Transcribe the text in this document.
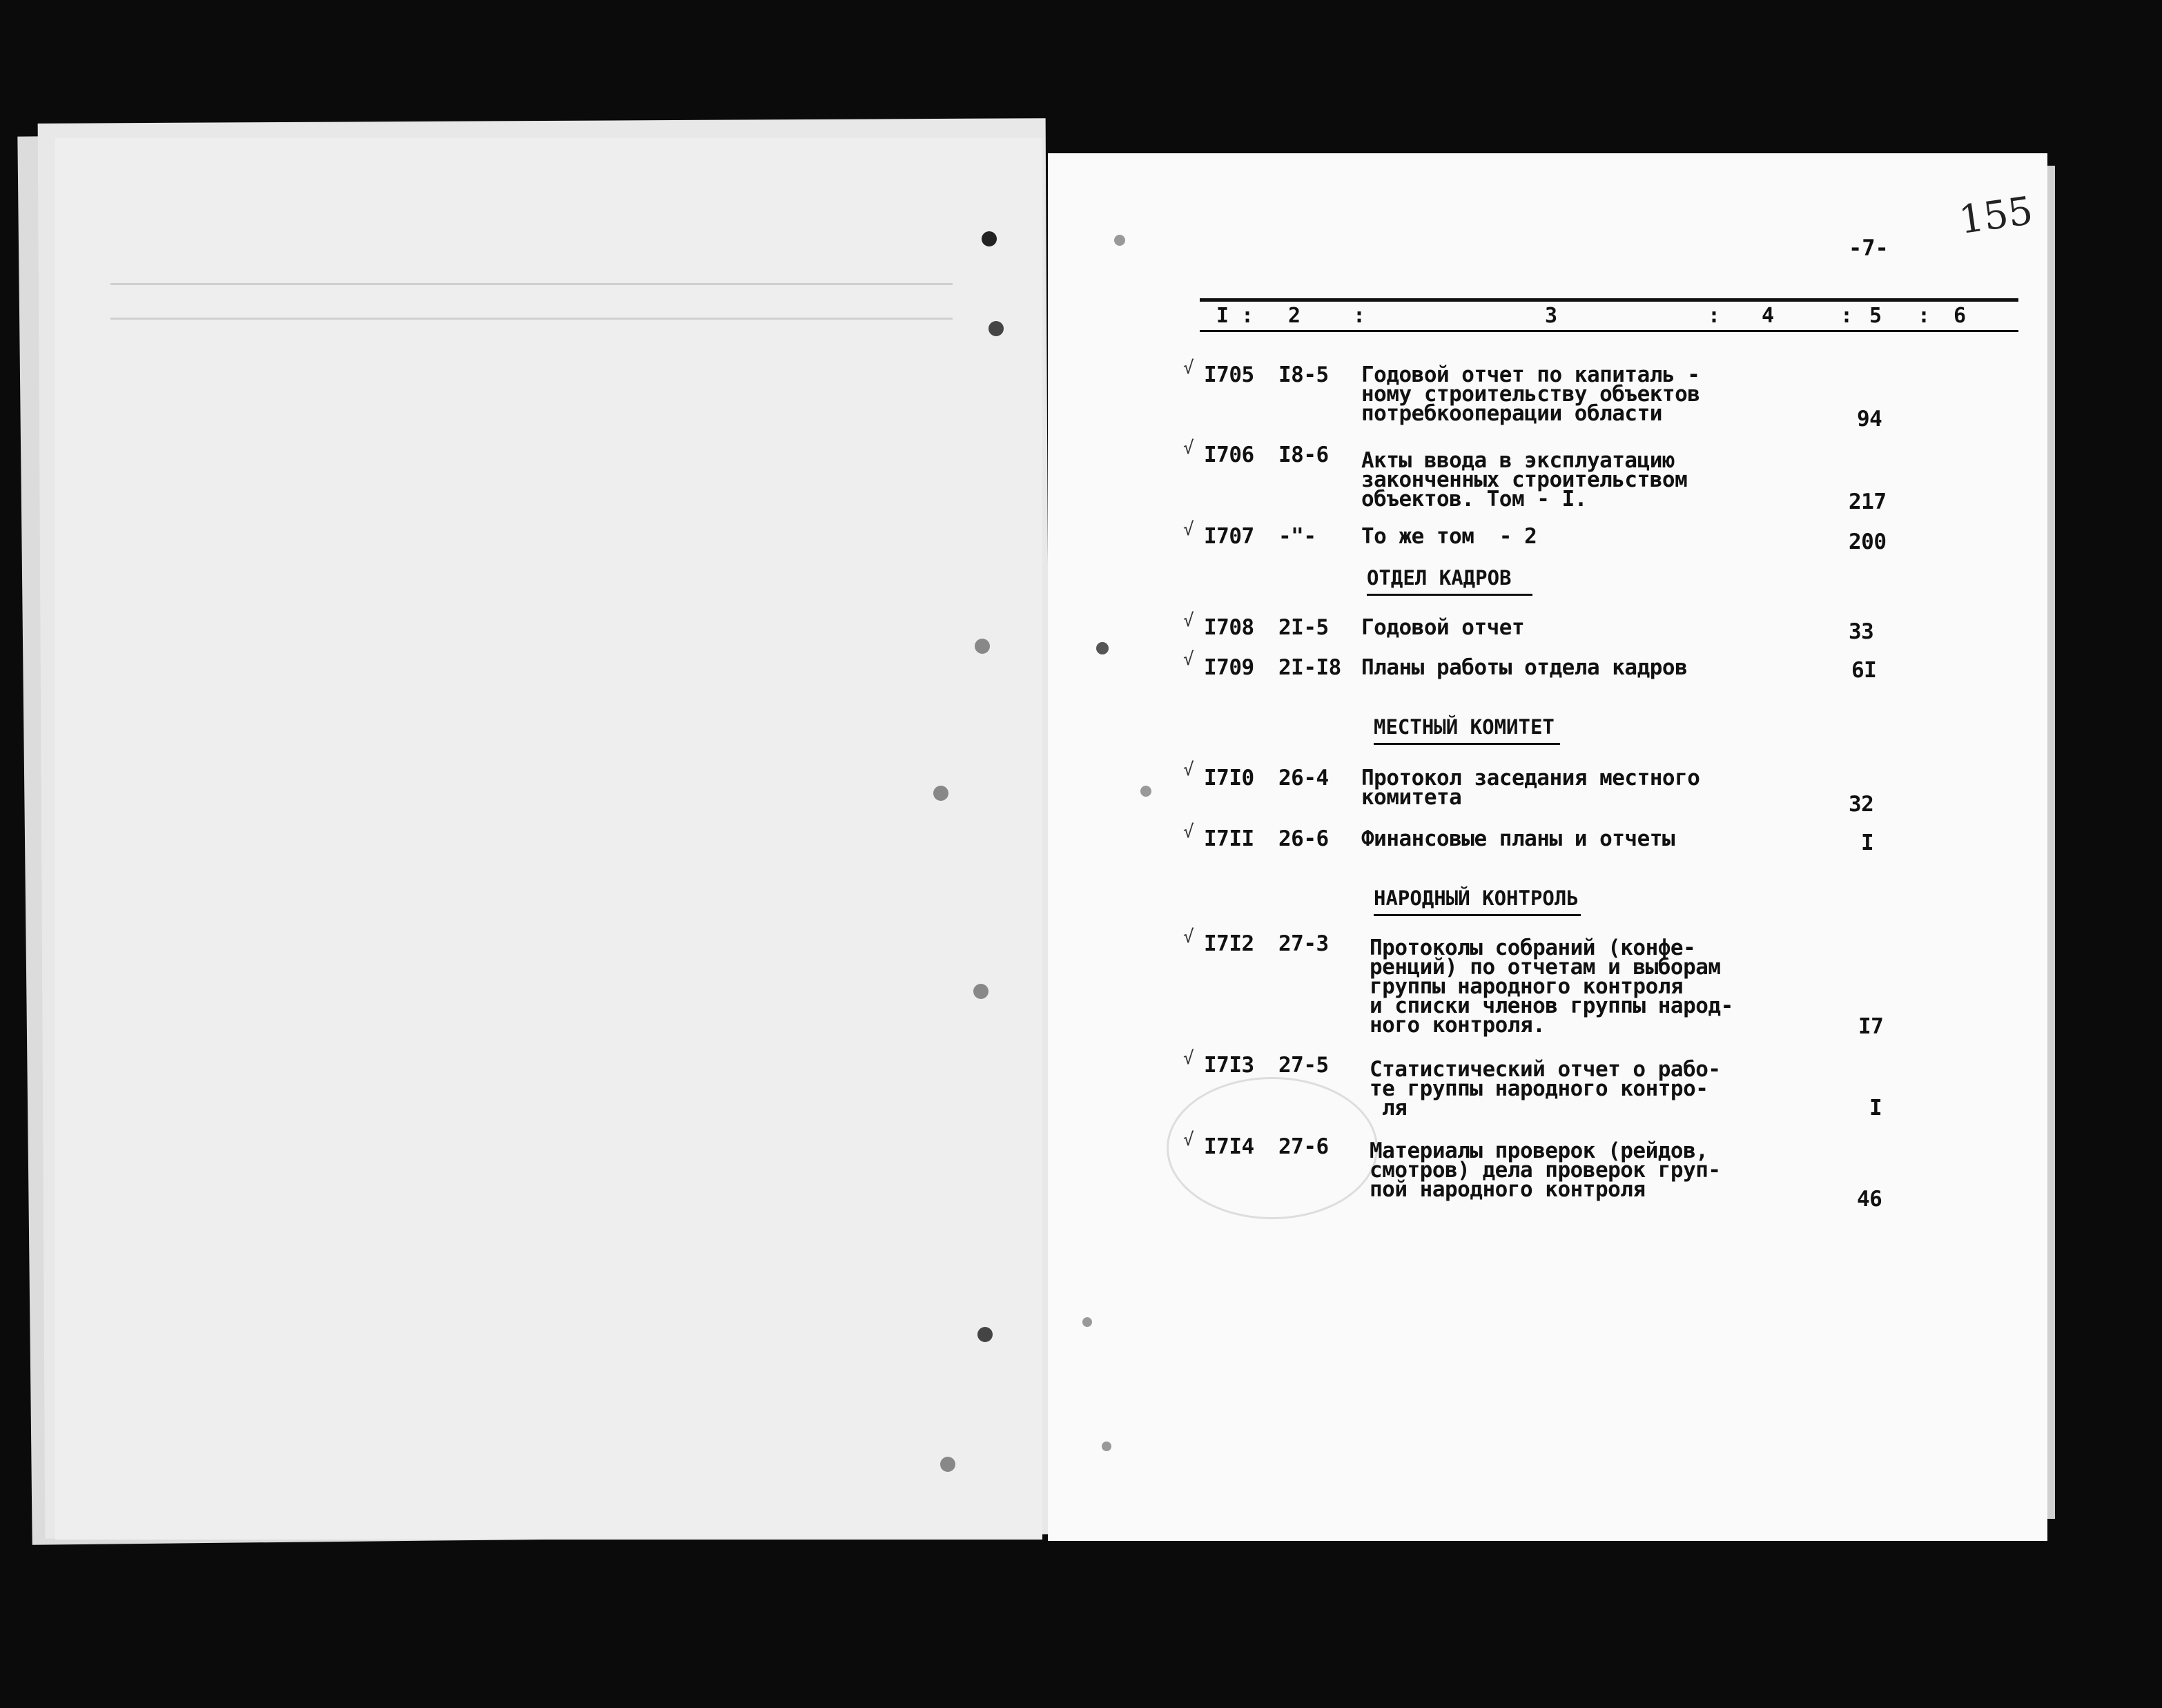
155
-7-
I : 2	:	3	: 4	: 5 : 6
√ I705 I8-5 Годовой отчет по капиталь -
ному строительству объектов
потребкооперации области	94
√ I706 I8-6 Акты ввода в эксплуатацию
законченных строительством
объектов. Том - I.	217
√ I707 -"- То же том  - 2	200
ОТДЕЛ КАДРОВ
√ I708 2I-5 Годовой отчет	33
√ I709 2I-I8 Планы работы отдела кадров	6I
МЕСТНЫЙ КОМИТЕТ
√ I7I0 26-4 Протокол заседания местного
комитета	32
√ I7II 26-6 Финансовые планы и отчеты	I
НАРОДНЫЙ КОНТРОЛЬ
√ I7I2 27-3 Протоколы собраний (конфе-
ренций) по отчетам и выборам
группы народного контроля
и списки членов группы народ-
ного контроля.	I7
√ I7I3 27-5 Статистический отчет о рабо-
те группы народного контро-
ля	I
√ I7I4 27-6 Материалы проверок (рейдов,
смотров) дела проверок груп-
пой народного контроля	46
